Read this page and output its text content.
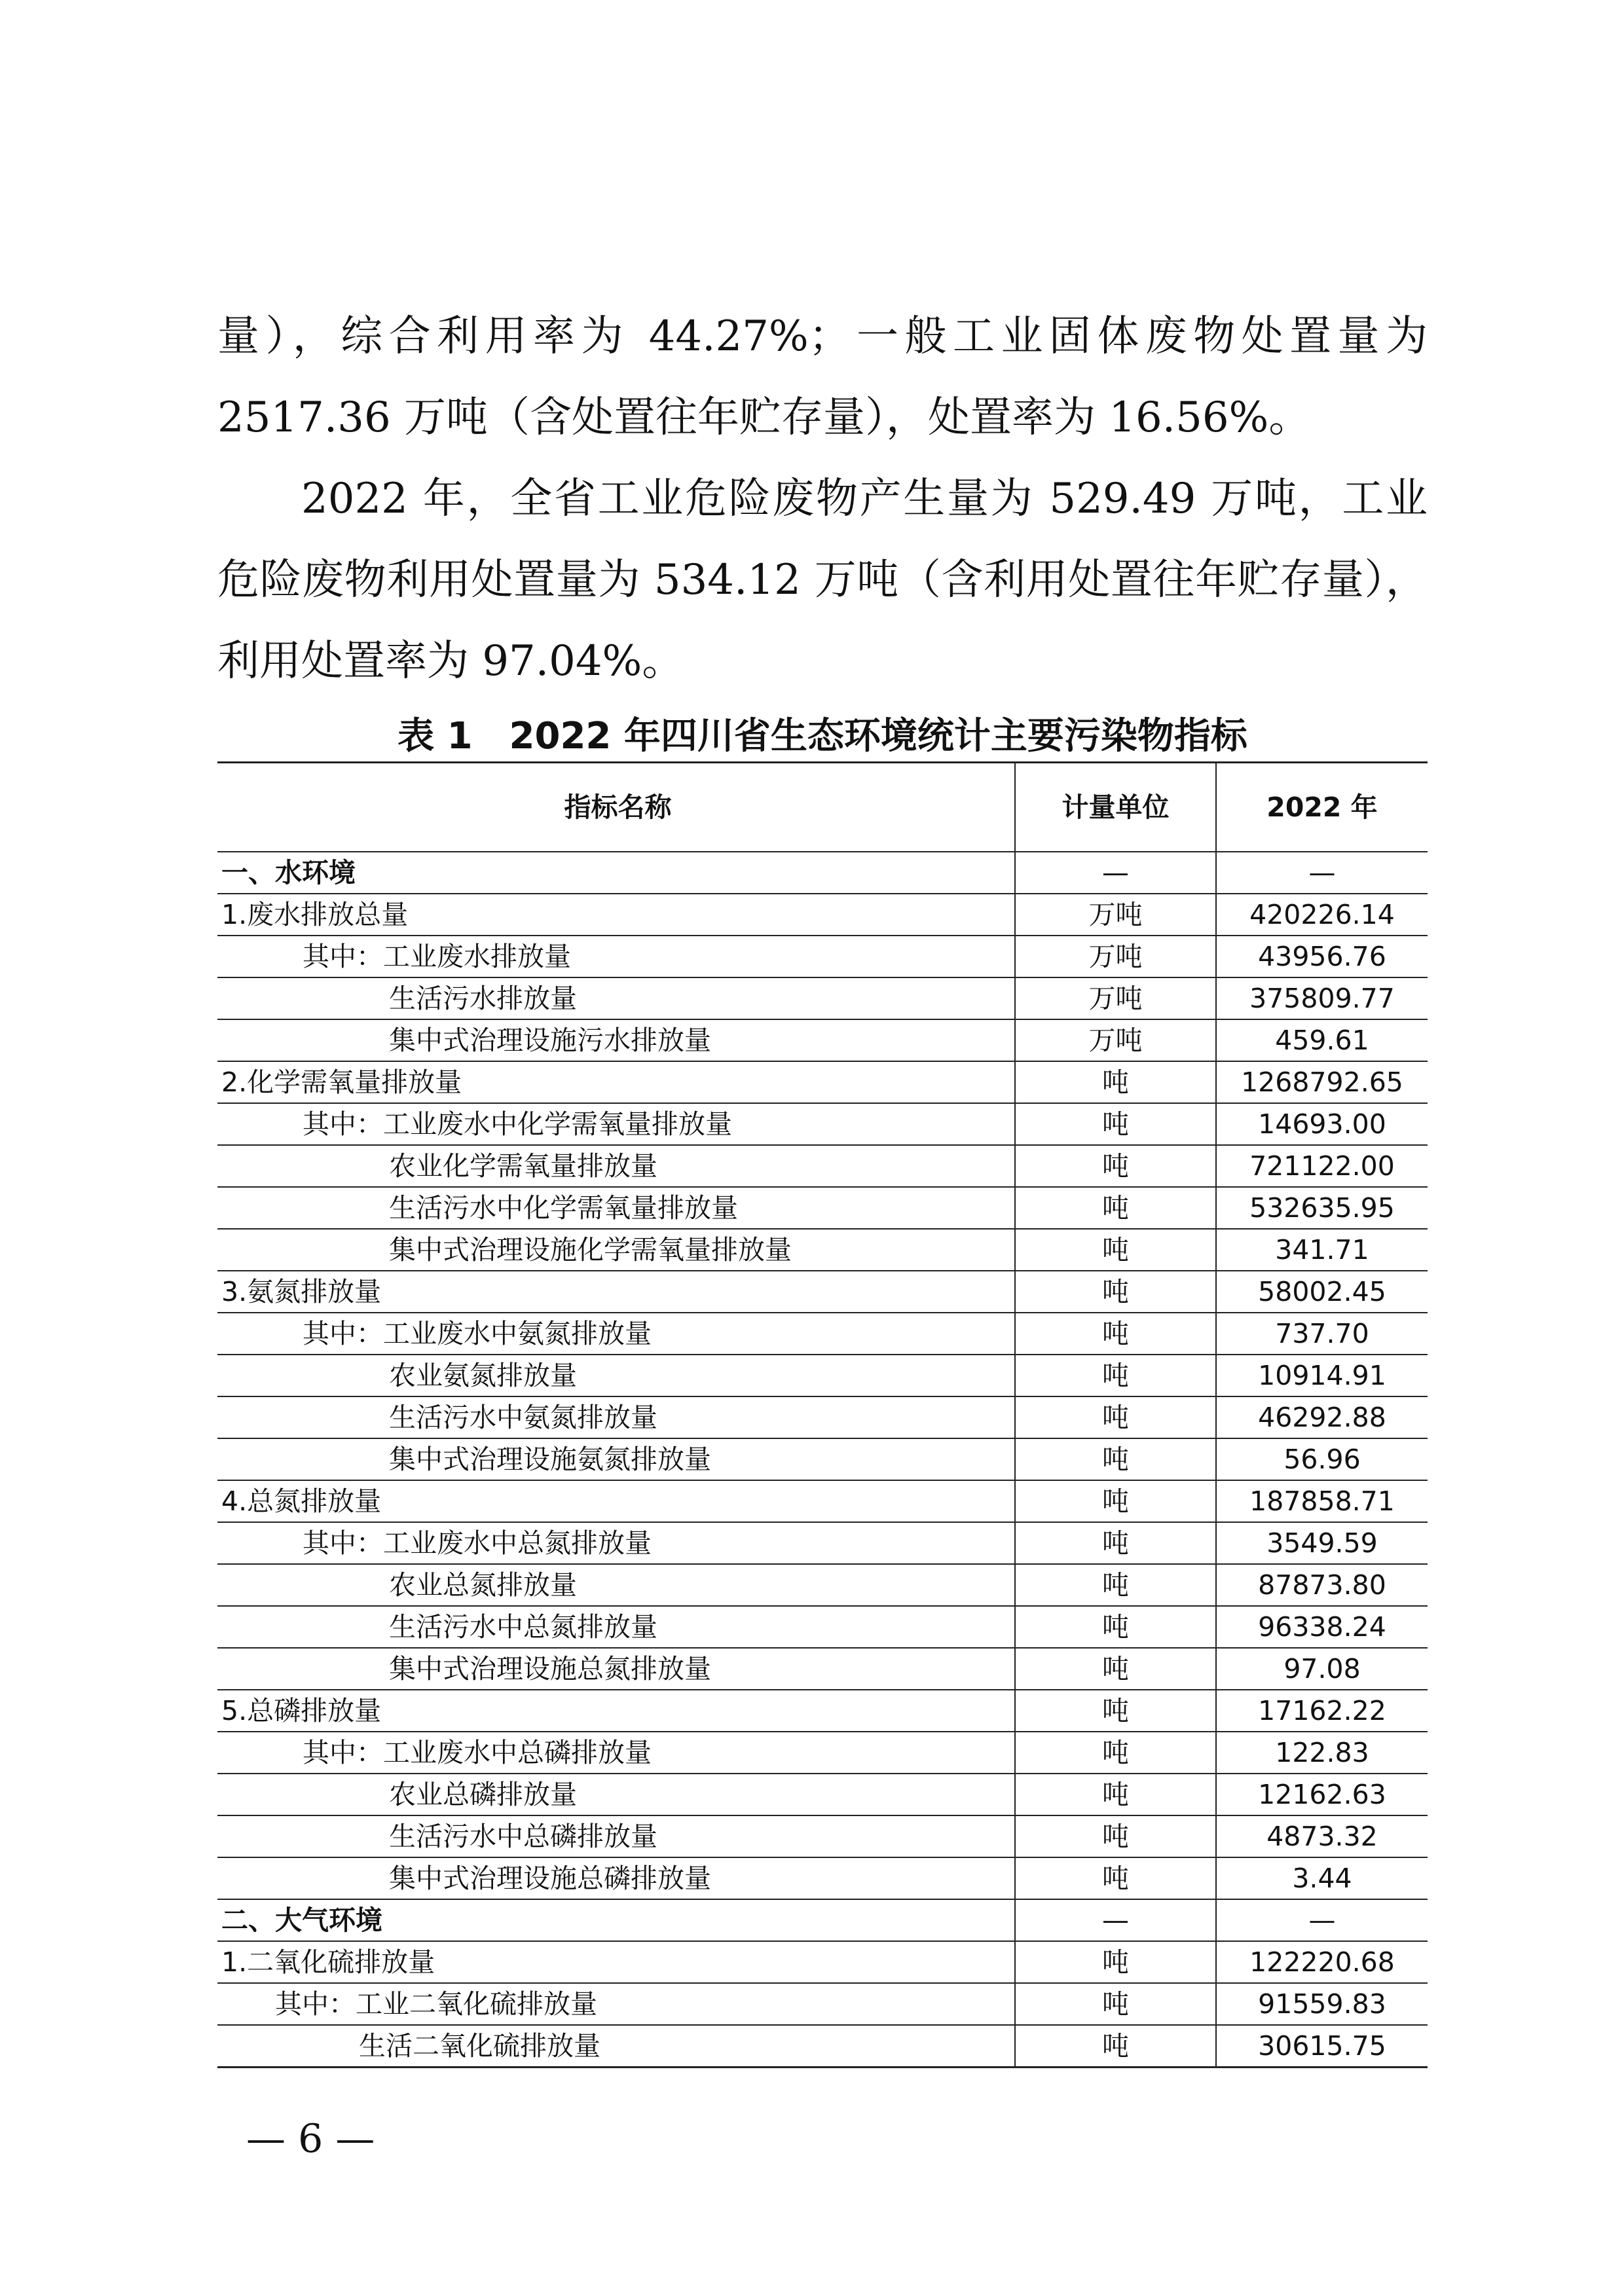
量），综合利用率为 44.27%；一般工业固体废物处置量为 2517.36 万吨（含处置往年贮存量），处置率为 16.56%。

2022 年，全省工业危险废物产生量为 529.49 万吨，工业危险废物利用处置量为 534.12 万吨（含利用处置往年贮存量），利用处置率为 97.04%。

表 1　2022 年四川省生态环境统计主要污染物指标
指标名称	计量单位	2022 年
一、水环境	—	—
1.废水排放总量	万吨	420226.14
其中：工业废水排放量	万吨	43956.76
生活污水排放量	万吨	375809.77
集中式治理设施污水排放量	万吨	459.61
2.化学需氧量排放量	吨	1268792.65
其中：工业废水中化学需氧量排放量	吨	14693.00
农业化学需氧量排放量	吨	721122.00
生活污水中化学需氧量排放量	吨	532635.95
集中式治理设施化学需氧量排放量	吨	341.71
3.氨氮排放量	吨	58002.45
其中：工业废水中氨氮排放量	吨	737.70
农业氨氮排放量	吨	10914.91
生活污水中氨氮排放量	吨	46292.88
集中式治理设施氨氮排放量	吨	56.96
4.总氮排放量	吨	187858.71
其中：工业废水中总氮排放量	吨	3549.59
农业总氮排放量	吨	87873.80
生活污水中总氮排放量	吨	96338.24
集中式治理设施总氮排放量	吨	97.08
5.总磷排放量	吨	17162.22
其中：工业废水中总磷排放量	吨	122.83
农业总磷排放量	吨	12162.63
生活污水中总磷排放量	吨	4873.32
集中式治理设施总磷排放量	吨	3.44
二、大气环境	—	—
1.二氧化硫排放量	吨	122220.68
其中：工业二氧化硫排放量	吨	91559.83
生活二氧化硫排放量	吨	30615.75
— 6 —
